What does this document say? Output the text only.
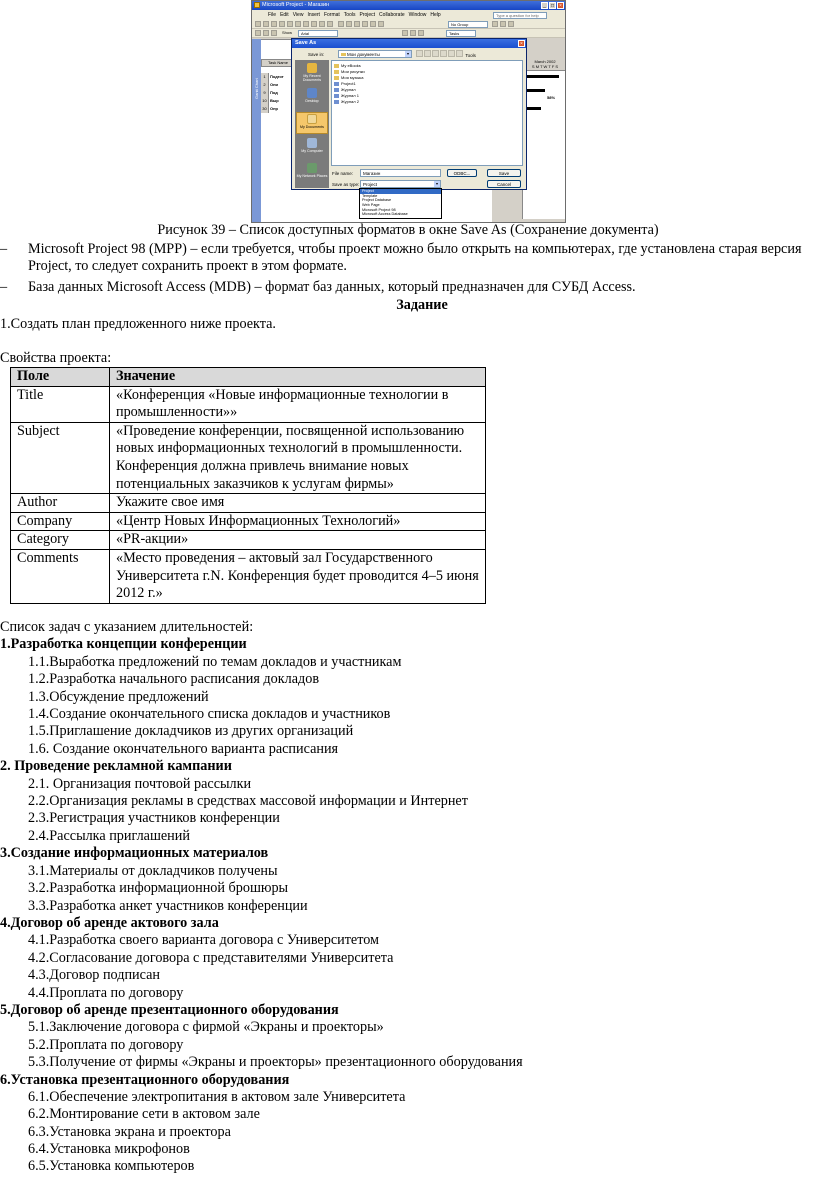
Microsoft Project - Магазин	_	□	×
File Edit View Insert Format Tools Project Collaborate Window Help	Type a question for help
No Group
Show	Arial	Tasks
Gantt Chart
Task Name
1	Подгот
2	Опи
9	Под
10 Выр
30 Опр
March 2002
S M T W T F S
58%
Save As	×
Save in:	Мои документы	▾	Tools
My Recent Documents
Desktop
My Documents
My Computer
My Network Places
My eBooks
Мои рисунки
Моя музыка
Project1
Журнал
Журнал 1
Журнал 2
File name:	Магазин
Save as type: Project	▾
ODBC...	Save
Cancel
Project
Template
Project Database
Web Page
Microsoft Project 98
Microsoft Access Database
Рисунок 39 – Список доступных форматов в окне Save As (Сохранение документа)
– Microsoft Project 98 (MPP) – если требуется, чтобы проект можно было открыть на компьютерах, где установлена старая версия Project, то следует сохранить проект в этом формате.
– База данных Microsoft Access (MDB) – формат баз данных, который предназначен для СУБД Access.
Задание
1.Создать план предложенного ниже проекта.
Свойства проекта:
Поле	Значение
Title	«Конференция «Новые информационные технологии в промышленности»»
Subject	«Проведение конференции, посвященной использованию новых информационных технологий в промышленности. Конференция должна привлечь внимание новых потенциальных заказчиков к услугам фирмы»
Author	Укажите свое имя
Company	«Центр Новых Информационных Технологий»
Category	«PR-акции»
Comments	«Место проведения – актовый зал Государственного Университета г.N. Конференция будет проводится 4–5 июня 2012 г.»
Список задач с указанием длительностей:
1.Разработка концепции конференции
1.1.Выработка предложений по темам докладов и участникам
1.2.Разработка начального расписания докладов
1.3.Обсуждение предложений
1.4.Создание окончательного списка докладов и участников
1.5.Приглашение докладчиков из других организаций
1.6. Создание окончательного варианта расписания
2. Проведение рекламной кампании
2.1. Организация почтовой рассылки
2.2.Организация рекламы в средствах массовой информации и Интернет
2.3.Регистрация участников конференции
2.4.Рассылка приглашений
3.Создание информационных материалов
3.1.Материалы от докладчиков получены
3.2.Разработка информационной брошюры
3.3.Разработка анкет участников конференции
4.Договор об аренде актового зала
4.1.Разработка своего варианта договора с Университетом
4.2.Согласование договора с представителями Университета
4.3.Договор подписан
4.4.Проплата по договору
5.Договор об аренде презентационного оборудования
5.1.Заключение договора с фирмой «Экраны и проекторы»
5.2.Проплата по договору
5.3.Получение от фирмы «Экраны и проекторы» презентационного оборудования
6.Установка презентационного оборудования
6.1.Обеспечение электропитания в актовом зале Университета
6.2.Монтирование сети в актовом зале
6.3.Установка экрана и проектора
6.4.Установка микрофонов
6.5.Установка компьютеров
